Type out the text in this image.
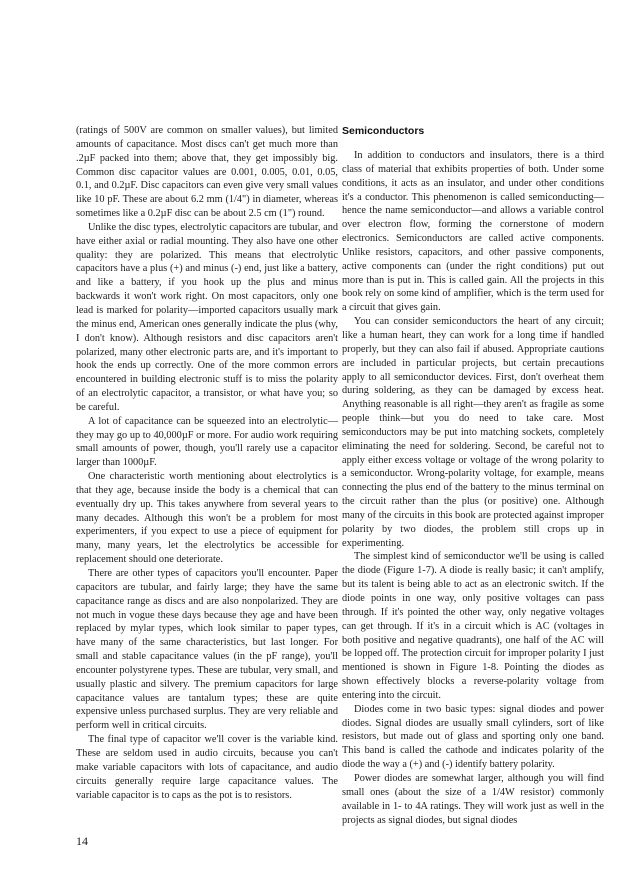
(ratings of 500V are common on smaller values), but limited amounts of capacitance. Most discs can't get much more than .2µF packed into them; above that, they get impossibly big. Common disc capacitor values are 0.001, 0.005, 0.01, 0.05, 0.1, and 0.2µF. Disc capacitors can even give very small values like 10 pF. These are about 6.2 mm (1/4") in diameter, whereas sometimes like a 0.2µF disc can be about 2.5 cm (1") round.

Unlike the disc types, electrolytic capacitors are tubular, and have either axial or radial mounting. They also have one other quality: they are polarized. This means that electrolytic capacitors have a plus (+) and minus (-) end, just like a battery, and like a battery, if you hook up the plus and minus backwards it won't work right. On most capacitors, only one lead is marked for polarity—imported capacitors usually mark the minus end, American ones generally indicate the plus (why, I don't know). Although resistors and disc capacitors aren't polarized, many other electronic parts are, and it's important to hook the ends up correctly. One of the more common errors encountered in building electronic stuff is to miss the polarity of an electrolytic capacitor, a transistor, or what have you; so be careful.

A lot of capacitance can be squeezed into an electrolytic—they may go up to 40,000µF or more. For audio work requiring small amounts of power, though, you'll rarely use a capacitor larger than 1000µF.

One characteristic worth mentioning about electrolytics is that they age, because inside the body is a chemical that can eventually dry up. This takes anywhere from several years to many decades. Although this won't be a problem for most experimenters, if you expect to use a piece of equipment for many, many years, let the electrolytics be accessible for replacement should one deteriorate.

There are other types of capacitors you'll encounter. Paper capacitors are tubular, and fairly large; they have the same capacitance range as discs and are also nonpolarized. They are not much in vogue these days because they age and have been replaced by mylar types, which look similar to paper types, have many of the same characteristics, but last longer. For small and stable capacitance values (in the pF range), you'll encounter polystyrene types. These are tubular, very small, and usually plastic and silvery. The premium capacitors for large capacitance values are tantalum types; these are quite expensive unless purchased surplus. They are very reliable and perform well in critical circuits.

The final type of capacitor we'll cover is the variable kind. These are seldom used in audio circuits, because you can't make variable capacitors with lots of capacitance, and audio circuits generally require large capacitance values. The variable capacitor is to caps as the pot is to resistors.

Semiconductors

In addition to conductors and insulators, there is a third class of material that exhibits properties of both. Under some conditions, it acts as an insulator, and under other conditions it's a conductor. This phenomenon is called semiconducting—hence the name semiconductor—and allows a variable control over electron flow, forming the cornerstone of modern electronics. Semiconductors are called active components. Unlike resistors, capacitors, and other passive components, active components can (under the right conditions) put out more than is put in. This is called gain. All the projects in this book rely on some kind of amplifier, which is the term used for a circuit that gives gain.

You can consider semiconductors the heart of any circuit; like a human heart, they can work for a long time if handled properly, but they can also fail if abused. Appropriate cautions are included in particular projects, but certain precautions apply to all semiconductor devices. First, don't overheat them during soldering, as they can be damaged by excess heat. Anything reasonable is all right—they aren't as fragile as some people think—but you do need to take care. Most semiconductors may be put into matching sockets, completely eliminating the need for soldering. Second, be careful not to apply either excess voltage or voltage of the wrong polarity to a semiconductor. Wrong-polarity voltage, for example, means connecting the plus end of the battery to the minus terminal on the circuit rather than the plus (or positive) one. Although many of the circuits in this book are protected against improper polarity by two diodes, the problem still crops up in experimenting.

The simplest kind of semiconductor we'll be using is called the diode (Figure 1-7). A diode is really basic; it can't amplify, but its talent is being able to act as an electronic switch. If the diode points in one way, only positive voltages can pass through. If it's pointed the other way, only negative voltages can get through. If it's in a circuit which is AC (voltages in both positive and negative quadrants), one half of the AC will be lopped off. The protection circuit for improper polarity I just mentioned is shown in Figure 1-8. Pointing the diodes as shown effectively blocks a reverse-polarity voltage from entering into the circuit.

Diodes come in two basic types: signal diodes and power diodes. Signal diodes are usually small cylinders, sort of like resistors, but made out of glass and sporting only one band. This band is called the cathode and indicates polarity of the diode the way a (+) and (-) identify battery polarity.

Power diodes are somewhat larger, although you will find small ones (about the size of a 1/4W resistor) commonly available in 1- to 4A ratings. They will work just as well in the projects as signal diodes, but signal diodes

14
